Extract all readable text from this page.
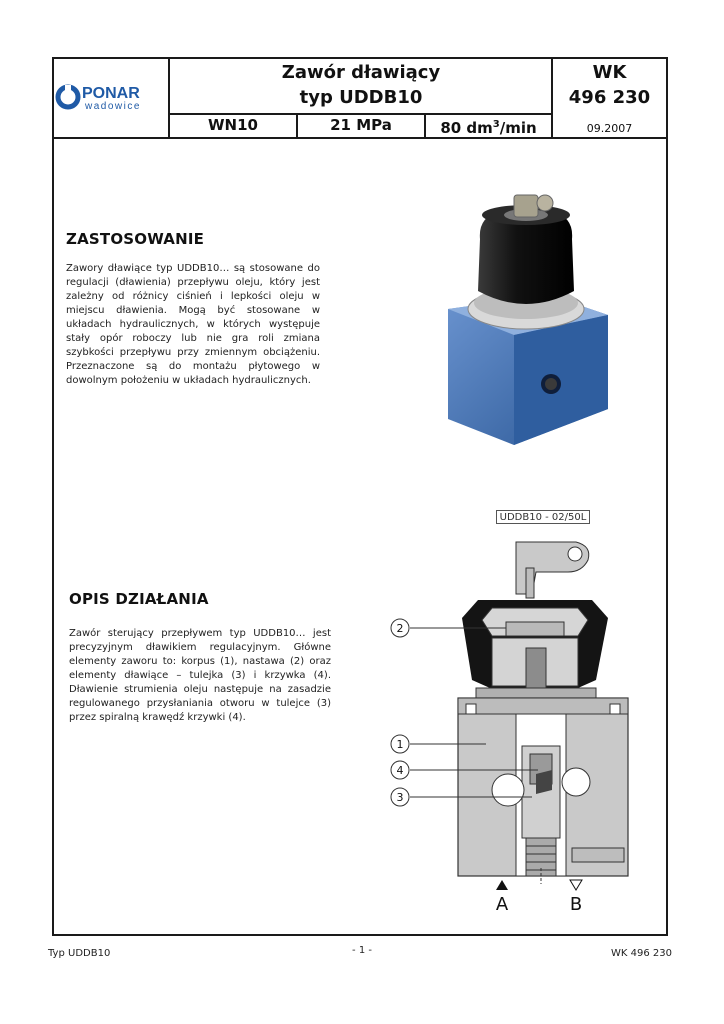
PONAR
wadowice
Zawór dławiący
typ UDDB10
WK
496 230
WN10	21 MPa	80 $dm^3/\min$	09.2007
ZASTOSOWANIE

Zawory dławiące typ UDDB10… są stosowane do regulacji (dławienia) przepływu oleju, który jest zależny od różnicy ciśnień i lepkości oleju w miejscu dławienia. Mogą być stosowane w układach hydraulicznych, w których występuje stały opór roboczy lub nie gra roli zmiana szybkości przepływu przy zmiennym obciążeniu. Przeznaczone są do montażu płytowego w dowolnym położeniu w układach hydraulicznych.

OPIS DZIAŁANIA

Zawór sterujący przepływem typ UDDB10… jest precyzyjnym dławikiem regulacyjnym. Główne elementy zaworu to: korpus (1), nastawa (2) oraz elementy dławiące – tulejka (3) i krzywka (4). Dławienie strumienia oleju następuje na zasadzie regulowanego przysłaniania otworu w tulejce (3) przez spiralną krawędź krzywki (4).

UDDB10 - 02/50L
2
1
4
3
A	B
Typ UDDB10	- 1 -	WK 496 230
